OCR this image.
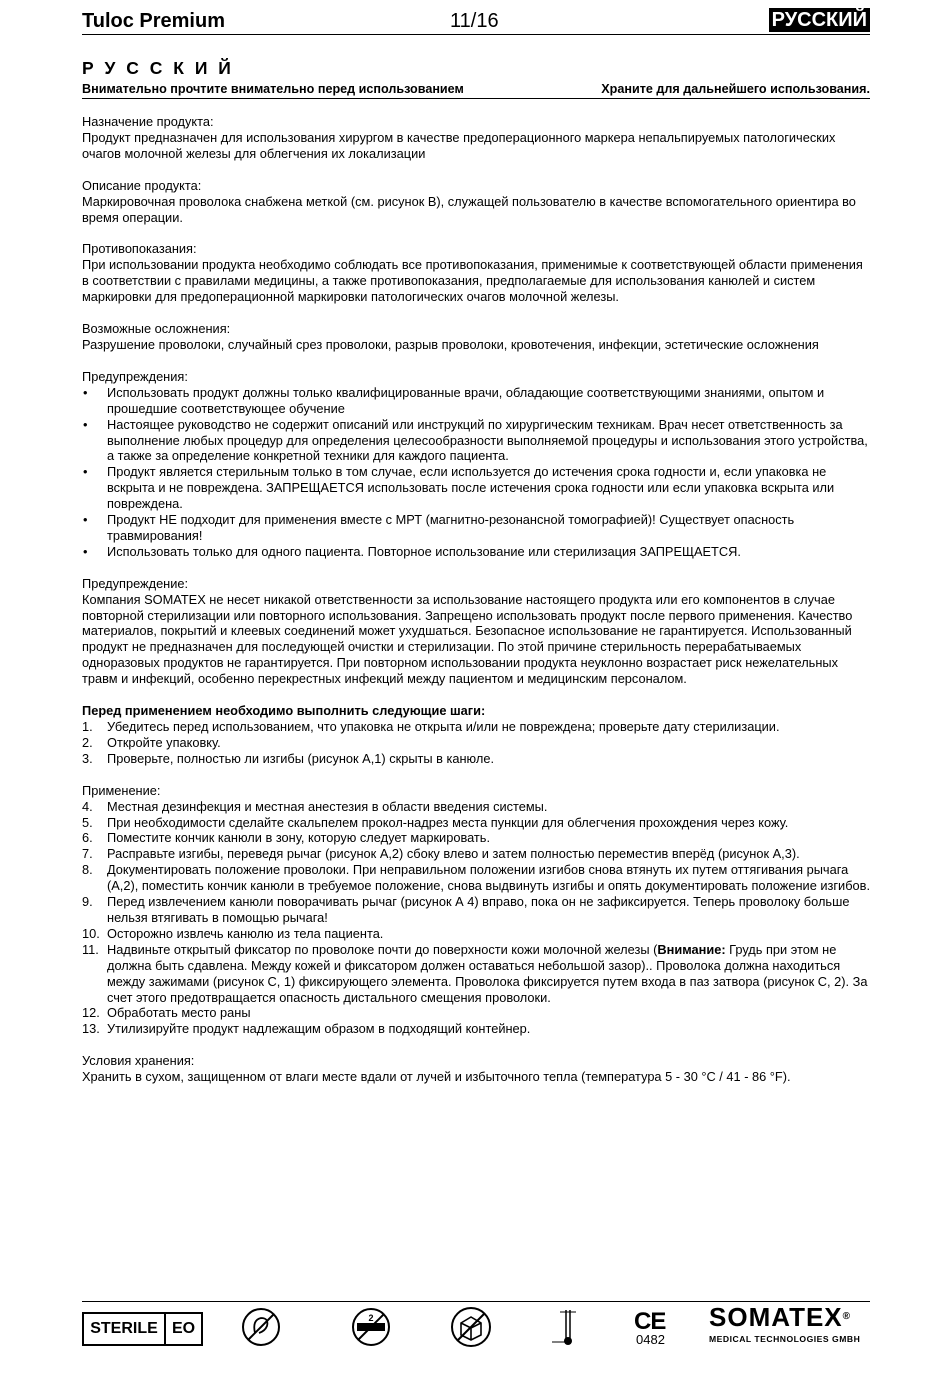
Tuloc Premium	11/16	РУССКИЙ
Р У С С К И Й
Внимательно прочтите внимательно перед использованием	Храните для дальнейшего использования.

Назначение продукта:

Продукт предназначен для использования хирургом в качестве предоперационного маркера непальпируемых патологических очагов молочной железы для облегчения их локализации

Описание продукта:

Маркировочная проволока снабжена меткой (см. рисунок В), служащей пользователю в качестве вспомогательного ориентира во время операции.

Противопоказания:

При использовании продукта необходимо соблюдать все противопоказания, применимые к соответствующей области применения в соответствии с правилами медицины, а также противопоказания, предполагаемые для использования канюлей и систем маркировки для предоперационной маркировки патологических очагов молочной железы.

Возможные осложнения:

Разрушение проволоки, случайный срез проволоки, разрыв проволоки, кровотечения, инфекции, эстетические осложнения

Предупреждения:

• Использовать продукт должны только квалифицированные врачи, обладающие соответствующими знаниями, опытом и прошедшие соответствующее обучение
• Настоящее руководство не содержит описаний или инструкций по хирургическим техникам. Врач несет ответственность за выполнение любых процедур для определения целесообразности выполняемой процедуры и использования этого устройства, а также за определение конкретной техники для каждого пациента.
• Продукт является стерильным только в том случае, если используется до истечения срока годности и, если упаковка не вскрыта и не повреждена. ЗАПРЕЩАЕТСЯ использовать после истечения срока годности или если упаковка вскрыта или повреждена.
• Продукт НЕ подходит для применения вместе с МРТ (магнитно-резонансной томографией)! Существует опасность травмирования!
• Использовать только для одного пациента. Повторное использование или стерилизация ЗАПРЕЩАЕТСЯ.

Предупреждение:

Компания SOMATEX не несет никакой ответственности за использование настоящего продукта или его компонентов в случае повторной стерилизации или повторного использования. Запрещено использовать продукт после первого применения. Качество материалов, покрытий и клеевых соединений может ухудшаться. Безопасное использование не гарантируется. Использованный продукт не предназначен для последующей очистки и стерилизации. По этой причине стерильность перерабатываемых одноразовых продуктов не гарантируется. При повторном использовании продукта неуклонно возрастает риск нежелательных травм и инфекций, особенно перекрестных инфекций между пациентом и медицинским персоналом.

Перед применением необходимо выполнить следующие шаги:

1. Убедитесь перед использованием, что упаковка не открыта и/или не повреждена; проверьте дату стерилизации.
2. Откройте упаковку.
3. Проверьте, полностью ли изгибы (рисунок А,1) скрыты в канюле.

Применение:

4. Местная дезинфекция и местная анестезия в области введения системы.
5. При необходимости сделайте скальпелем прокол-надрез места пункции для облегчения прохождения через кожу.
6. Поместите кончик канюли в зону, которую следует маркировать.
7. Расправьте изгибы, переведя рычаг (рисунок А,2) сбоку влево и затем полностью переместив вперёд (рисунок А,3).
8. Документировать положение проволоки. При неправильном положении изгибов снова втянуть их путем оттягивания рычага (А,2), поместить кончик канюли в требуемое положение, снова выдвинуть изгибы и опять документировать положение изгибов.
9. Перед извлечением канюли поворачивать рычаг (рисунок А 4) вправо, пока он не зафиксируется. Теперь проволоку больше нельзя втягивать в помощью рычага!
10. Осторожно извлечь канюлю из тела пациента.
11. Надвиньте открытый фиксатор по проволоке почти до поверхности кожи молочной железы (Внимание: Грудь при этом не должна быть сдавлена. Между кожей и фиксатором должен оставаться небольшой зазор).. Проволока должна находиться между зажимами (рисунок С, 1) фиксирующего элемента. Проволока фиксируется путем входа в паз затвора (рисунок С, 2). За счет этого предотвращается опасность дистального смещения проволоки.
12. Обработать место раны
13. Утилизируйте продукт надлежащим образом в подходящий контейнер.

Условия хранения:

Хранить в сухом, защищенном от влаги месте вдали от лучей и избыточного тепла (температура 5 - 30 °C / 41 - 86 °F).

STERILE EO
2	CE
0482
SOMATEX®
MEDICAL TECHNOLOGIES GMBH
